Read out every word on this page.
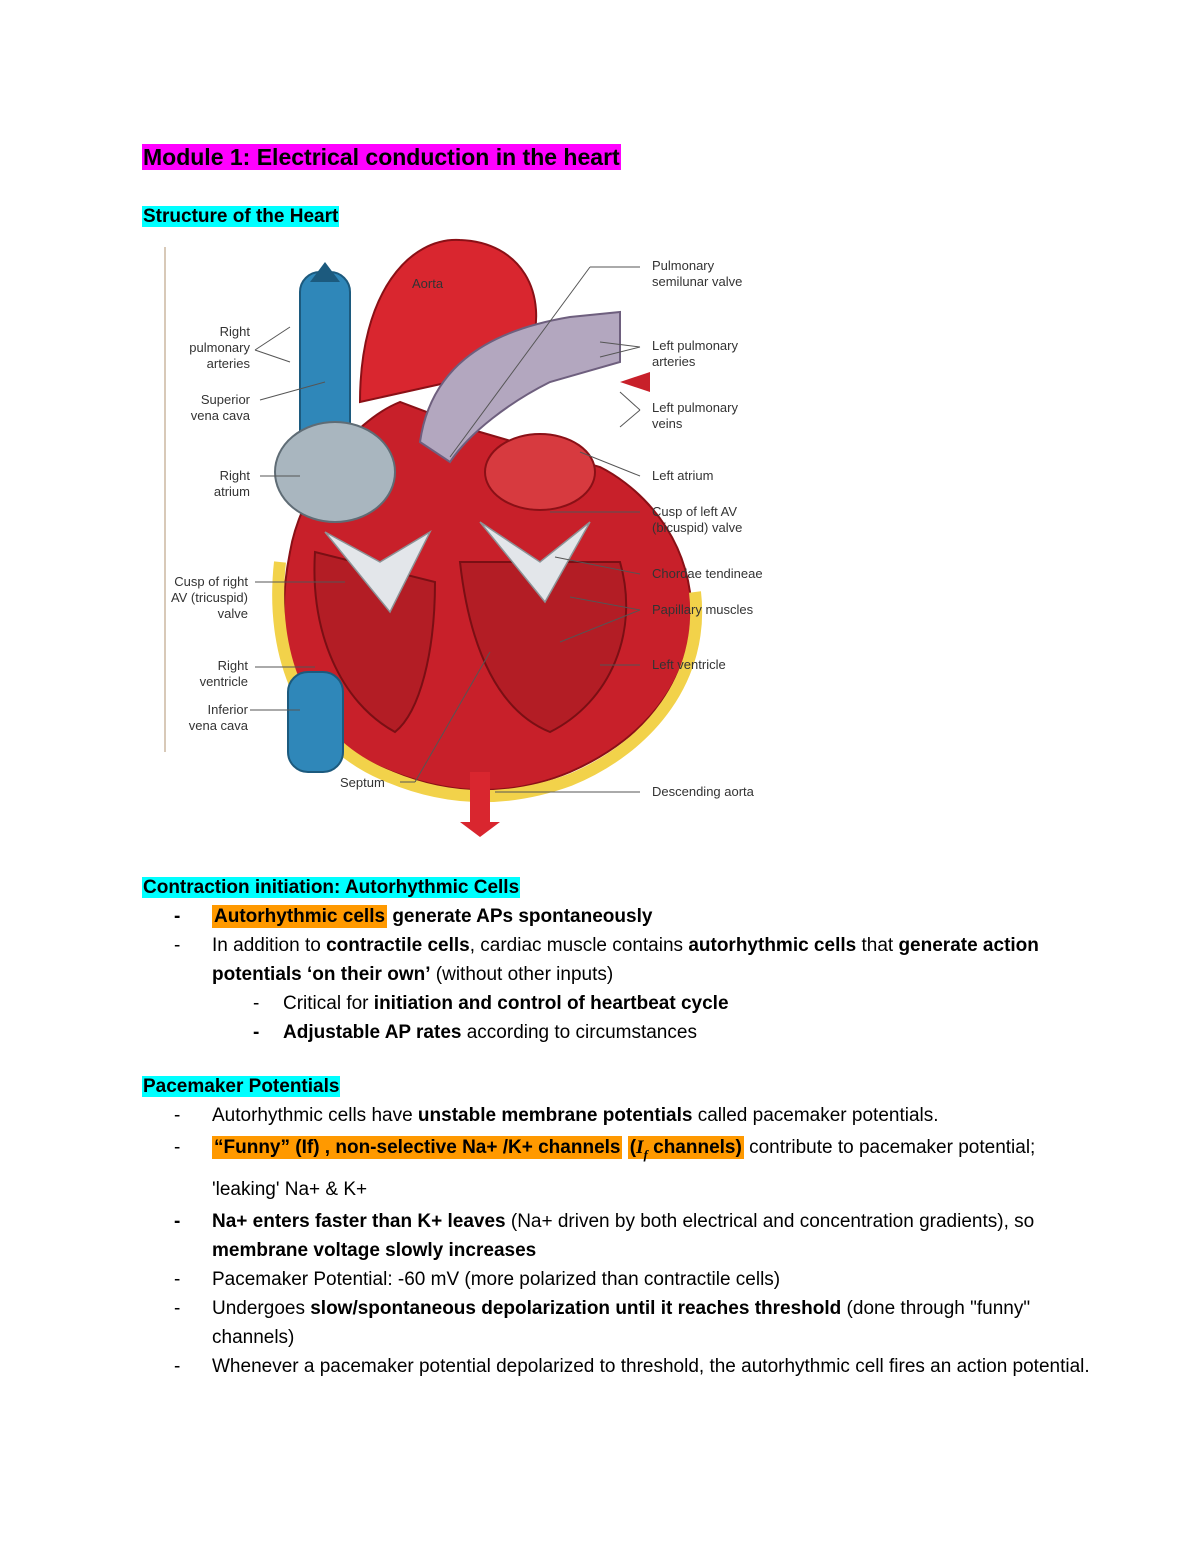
Module 1: Electrical conduction in the heart
Structure of the Heart
Aorta
Pulmonary
semilunar valve
Right
pulmonary
arteries
Left pulmonary
arteries
Superior
vena cava
Left pulmonary
veins
Right
atrium
Left atrium
Cusp of left AV
(bicuspid) valve
Chordae tendineae
Cusp of right
AV (tricuspid)
valve	Papillary muscles
Right
ventricle
Left ventricle
Inferior
vena cava
Septum
Descending aorta
Contraction initiation: Autorhythmic Cells
- Autorhythmic cells generate APs spontaneously
- In addition to contractile cells, cardiac muscle contains autorhythmic cells that generate action potentials ‘on their own’ (without other inputs)
- Critical for initiation and control of heartbeat cycle
- Adjustable AP rates according to circumstances
Pacemaker Potentials
- Autorhythmic cells have unstable membrane potentials called pacemaker potentials.
- “Funny” (If) , non-selective Na+ /K+ channels ($I_f$ channels) contribute to pacemaker potential; 'leaking' Na+ & K+
- Na+ enters faster than K+ leaves (Na+ driven by both electrical and concentration gradients), so membrane voltage slowly increases
- Pacemaker Potential: -60 mV (more polarized than contractile cells)
- Undergoes slow/spontaneous depolarization until it reaches threshold (done through "funny" channels)
- Whenever a pacemaker potential depolarized to threshold, the autorhythmic cell fires an action potential.
